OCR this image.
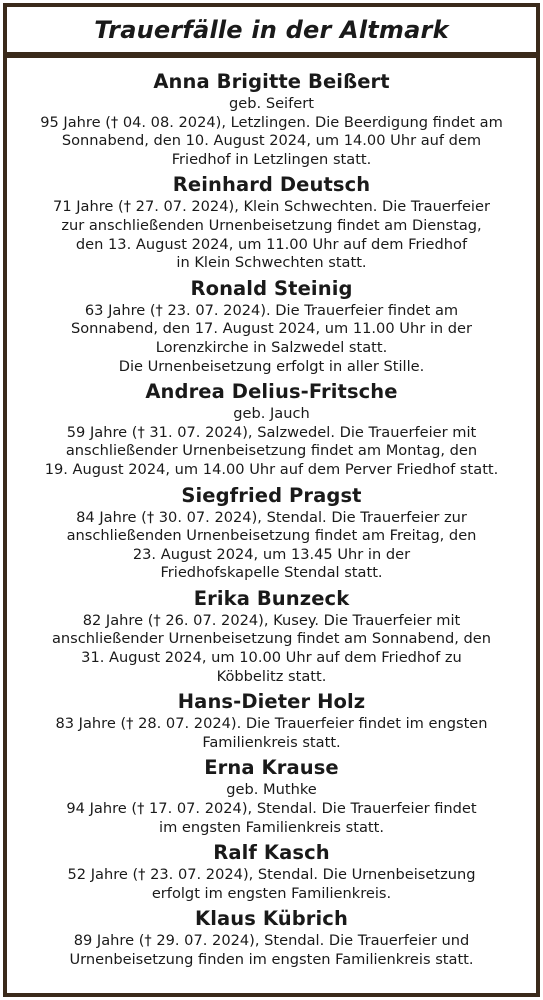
Trauerfälle in der Altmark
Anna Brigitte Beißert
geb. Seifert
95 Jahre († 04. 08. 2024), Letzlingen. Die Beerdigung findet am
Sonnabend, den 10. August 2024, um 14.00 Uhr auf dem
Friedhof in Letzlingen statt.
Reinhard Deutsch
71 Jahre († 27. 07. 2024), Klein Schwechten. Die Trauerfeier
zur anschließenden Urnenbeisetzung findet am Dienstag,
den 13. August 2024, um 11.00 Uhr auf dem Friedhof
in Klein Schwechten statt.
Ronald Steinig
63 Jahre († 23. 07. 2024). Die Trauerfeier findet am
Sonnabend, den 17. August 2024, um 11.00 Uhr in der
Lorenzkirche in Salzwedel statt.
Die Urnenbeisetzung erfolgt in aller Stille.
Andrea Delius-Fritsche
geb. Jauch
59 Jahre († 31. 07. 2024), Salzwedel. Die Trauerfeier mit
anschließender Urnenbeisetzung findet am Montag, den
19. August 2024, um 14.00 Uhr auf dem Perver Friedhof statt.
Siegfried Pragst
84 Jahre († 30. 07. 2024), Stendal. Die Trauerfeier zur
anschließenden Urnenbeisetzung findet am Freitag, den
23. August 2024, um 13.45 Uhr in der
Friedhofskapelle Stendal statt.
Erika Bunzeck
82 Jahre († 26. 07. 2024), Kusey. Die Trauerfeier mit
anschließender Urnenbeisetzung findet am Sonnabend, den
31. August 2024, um 10.00 Uhr auf dem Friedhof zu
Köbbelitz statt.
Hans-Dieter Holz
83 Jahre († 28. 07. 2024). Die Trauerfeier findet im engsten
Familienkreis statt.
Erna Krause
geb. Muthke
94 Jahre († 17. 07. 2024), Stendal. Die Trauerfeier findet
im engsten Familienkreis statt.
Ralf Kasch
52 Jahre († 23. 07. 2024), Stendal. Die Urnenbeisetzung
erfolgt im engsten Familienkreis.
Klaus Kübrich
89 Jahre († 29. 07. 2024), Stendal. Die Trauerfeier und
Urnenbeisetzung finden im engsten Familienkreis statt.
